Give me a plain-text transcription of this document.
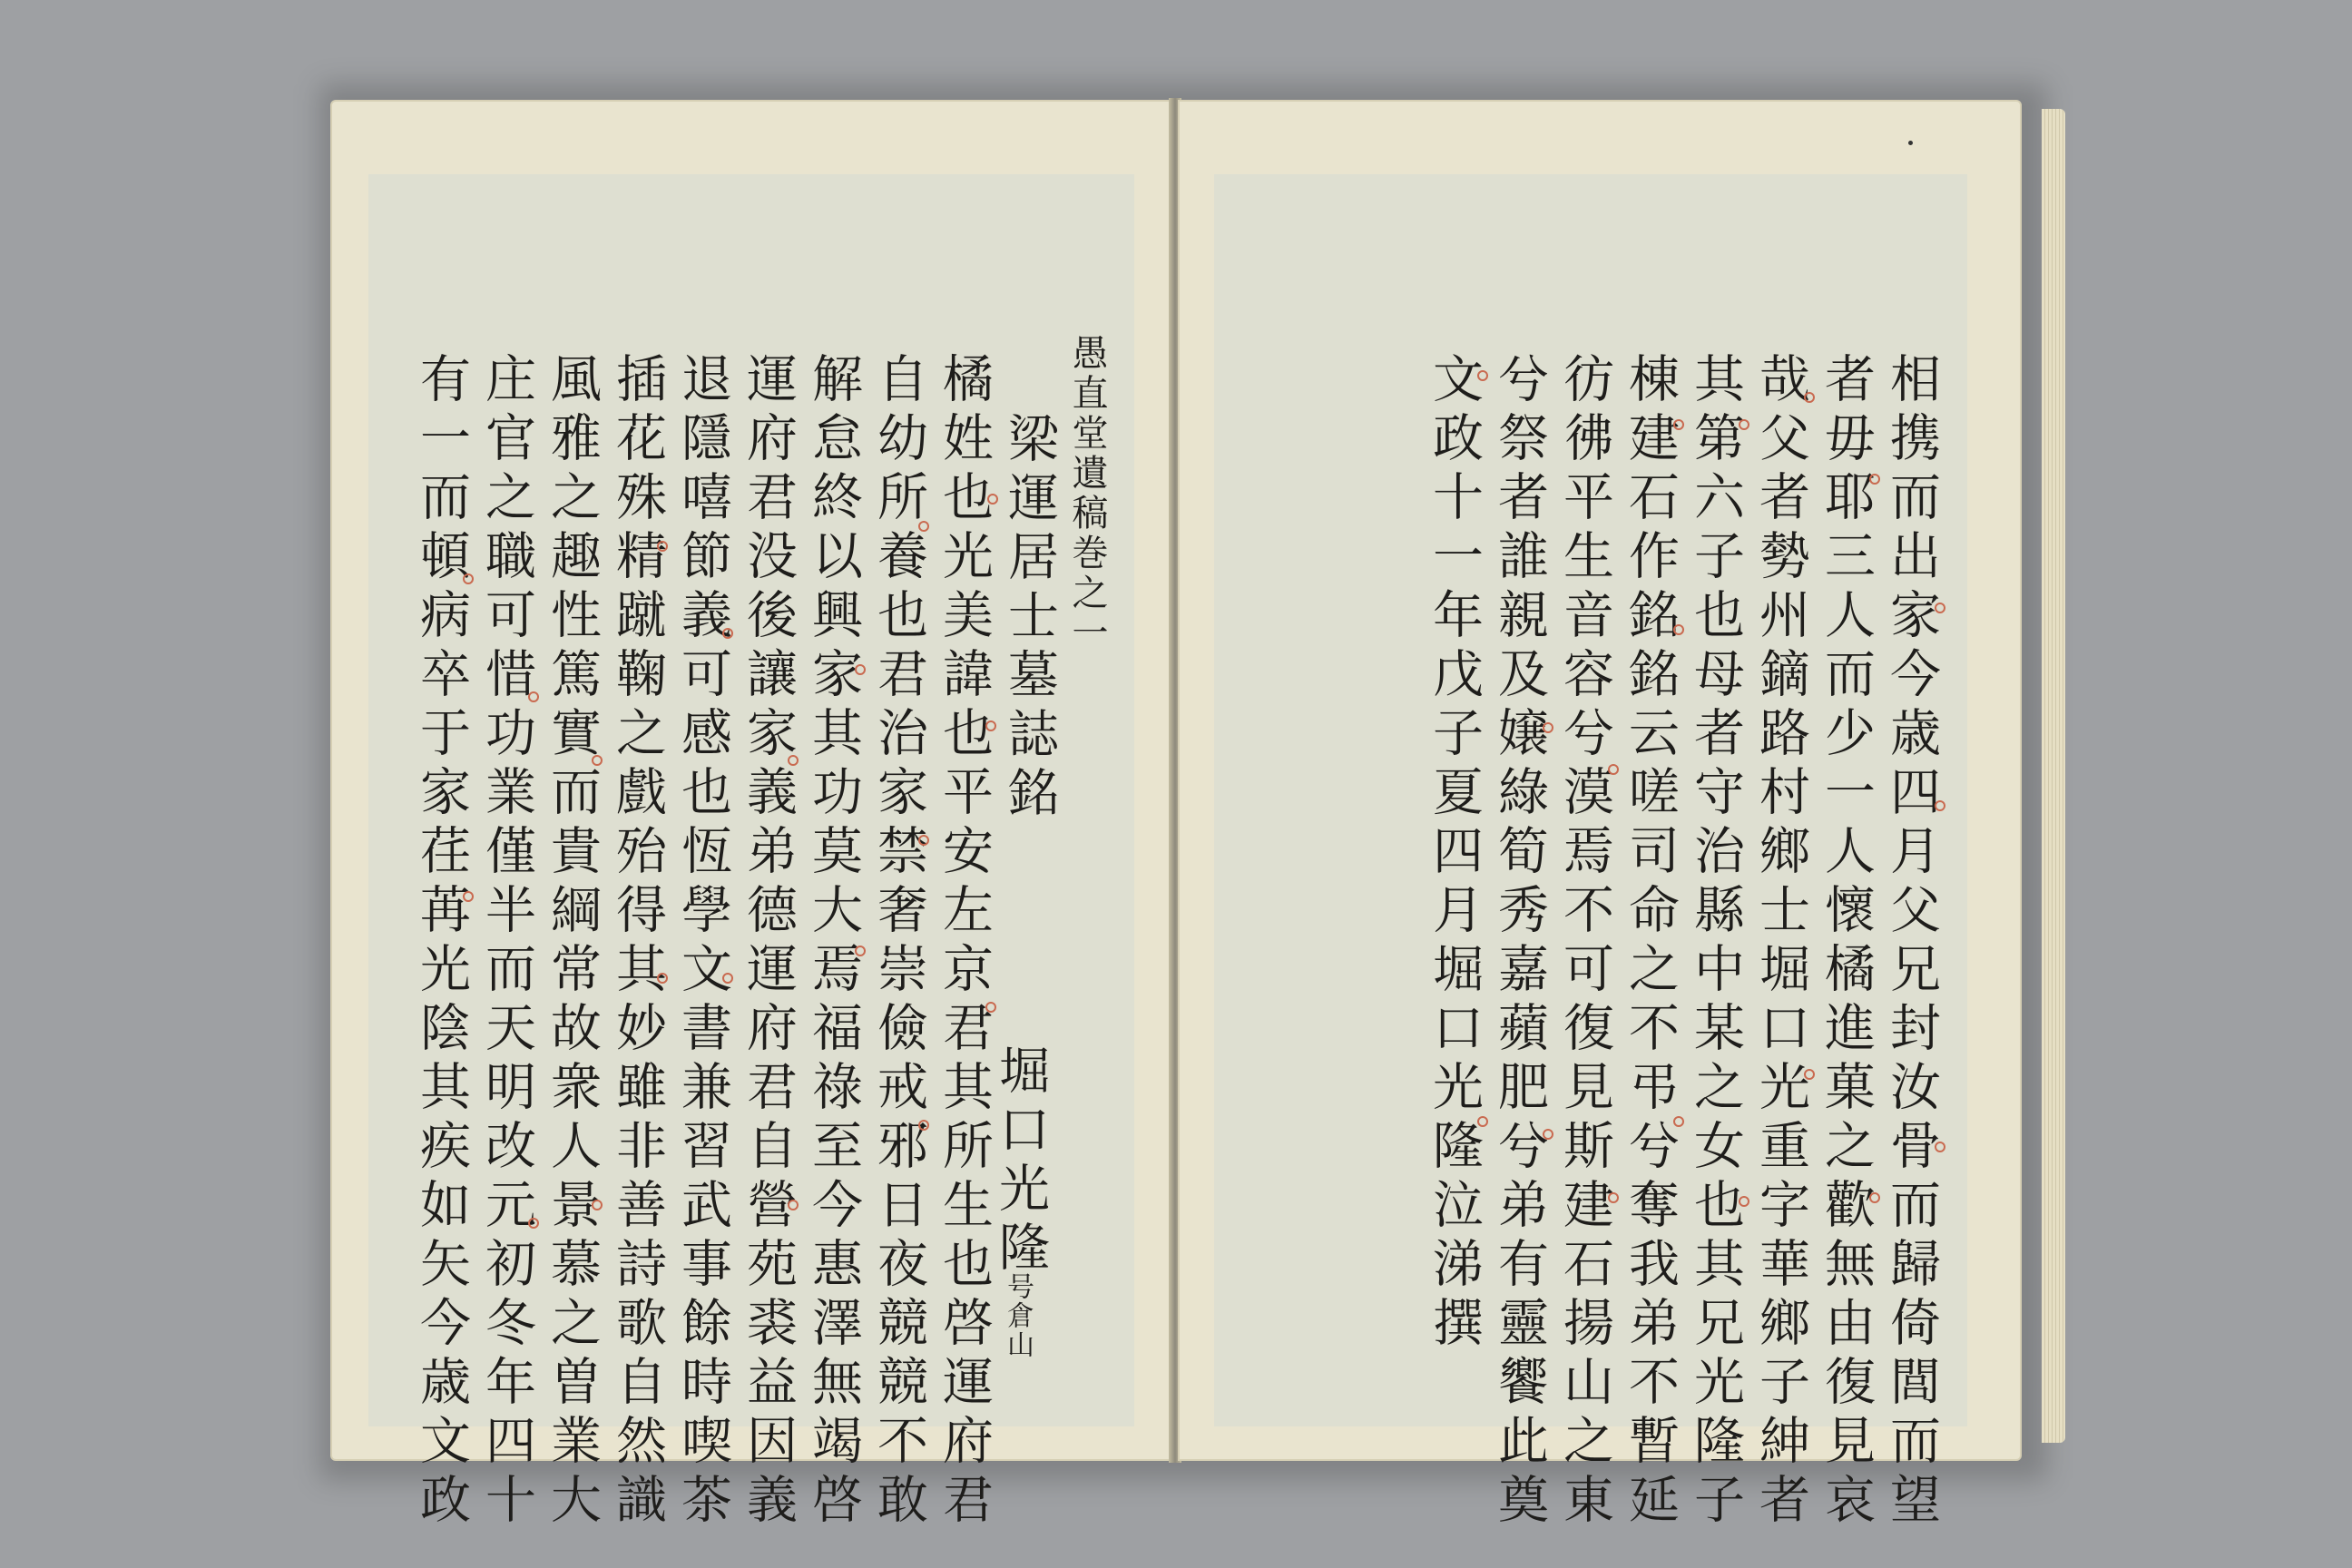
愚直堂遺稿巻之一
梁運居士墓誌銘
堀口光隆
号倉山
橘姓也光美諱也平安左京君其所生也啓運府君
自幼所養也君治家禁奢崇儉戒邪日夜競競不敢
解怠終以興家其功莫大焉福祿至今惠澤無竭啓
運府君没後讓家義弟德運府君自營苑裘益因義
退隱嘻節義可感也恆學文書兼習武事餘時喫茶
插花殊精蹴鞠之戲殆得其妙雖非善詩歌自然識
風雅之趣性篤實而貴綱常故衆人景慕之曽業大
庄官之職可惜功業僅半而天明改元初冬年四十
有一而頓病卒于家荏苒光陰其疾如矢今歳文政	相携而出家今歳四月父兄封汝骨而歸倚閭而望
者毋耶三人而少一人懷橘進菓之歡無由復見哀
哉父者勢州鏑路村鄉士堀口光重字華鄉子紳者
其第六子也母者守治縣中某之女也其兄光隆子
棟建石作銘銘云嗟司命之不弔兮奪我弟不暫延
彷彿平生音容兮漠焉不可復見斯建石揚山之東
兮祭者誰親及嬢綠筍秀嘉蘋肥兮弟有靈饗此奠
文政十一年戊子夏四月堀口光隆泣涕撰
